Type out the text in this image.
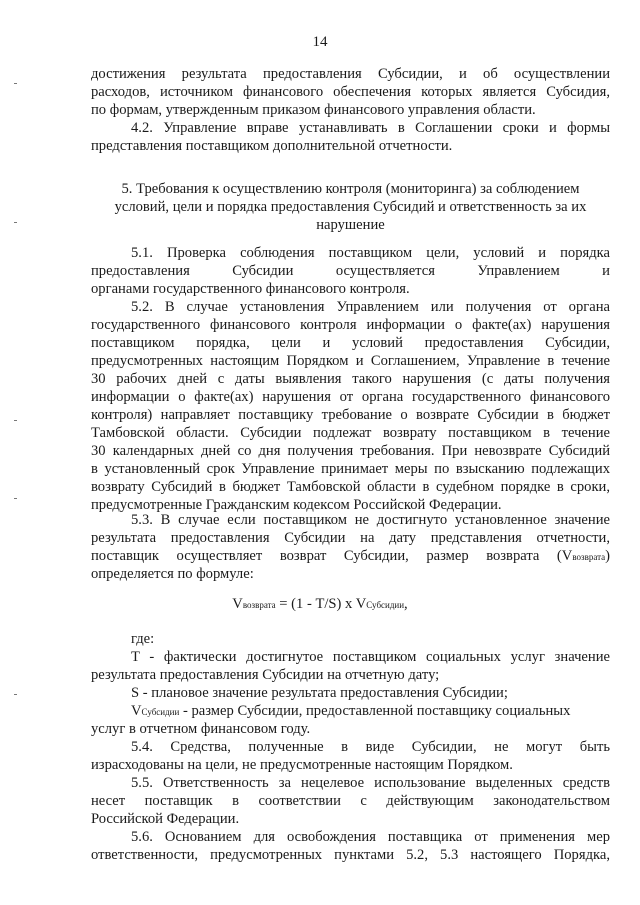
14
достижения результата предоставления Субсидии, и об осуществлении
расходов, источником финансового обеспечения которых является Субсидия,
по формам, утвержденным приказом финансового управления области.
4.2. Управление вправе устанавливать в Соглашении сроки и формы
представления поставщиком дополнительной отчетности.
5. Требования к осуществлению контроля (мониторинга) за соблюдением
условий, цели и порядка предоставления Субсидий и ответственность за их
нарушение
5.1. Проверка соблюдения поставщиком цели, условий и порядка
предоставления Субсидии осуществляется Управлением и
органами государственного финансового контроля.
5.2. В случае установления Управлением или получения от органа
государственного финансового контроля информации о факте(ах) нарушения
поставщиком порядка, цели и условий предоставления Субсидии,
предусмотренных настоящим Порядком и Соглашением, Управление в течение
30 рабочих дней с даты выявления такого нарушения (с даты получения
информации о факте(ах) нарушения от органа государственного финансового
контроля) направляет поставщику требование о возврате Субсидии в бюджет
Тамбовской области. Субсидии подлежат возврату поставщиком в течение
30 календарных дней со дня получения требования. При невозврате Субсидий
в установленный срок Управление принимает меры по взысканию подлежащих
возврату Субсидий в бюджет Тамбовской области в судебном порядке в сроки,
предусмотренные Гражданским кодексом Российской Федерации.
5.3. В случае если поставщиком не достигнуто установленное значение
результата предоставления Субсидии на дату представления отчетности,
поставщик осуществляет возврат Субсидии, размер возврата (Vвозврата)
определяется по формуле:
Vвозврата = (1 - T/S) x VСубсидии,
где:
T - фактически достигнутое поставщиком социальных услуг значение
результата предоставления Субсидии на отчетную дату;
S - плановое значение результата предоставления Субсидии;
VСубсидии - размер Субсидии, предоставленной поставщику социальных
услуг в отчетном финансовом году.
5.4. Средства, полученные в виде Субсидии, не могут быть
израсходованы на цели, не предусмотренные настоящим Порядком.
5.5. Ответственность за нецелевое использование выделенных средств
несет поставщик в соответствии с действующим законодательством
Российской Федерации.
5.6. Основанием для освобождения поставщика от применения мер
ответственности, предусмотренных пунктами 5.2, 5.3 настоящего Порядка,
